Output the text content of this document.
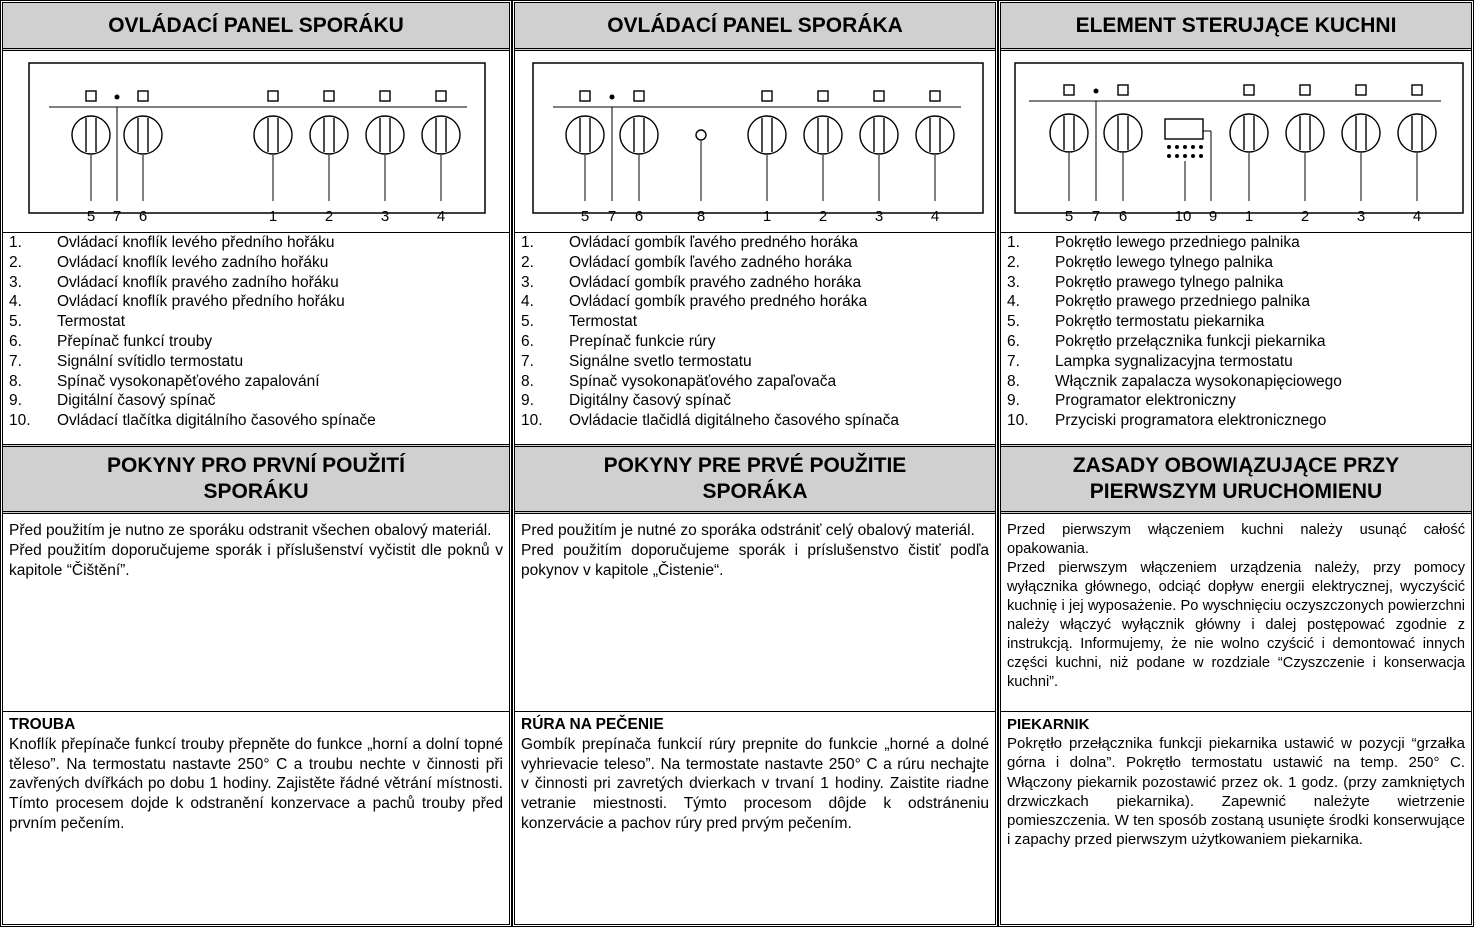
OVLÁDACÍ PANEL SPORÁKU
5 7 6	1	2	3	4
1. Ovládací knoflík levého předního hořáku
2. Ovládací knoflík levého zadního hořáku
3. Ovládací knoflík pravého zadního hořáku
4. Ovládací knoflík pravého předního hořáku
5. Termostat
6. Přepínač funkcí trouby
7. Signální svítidlo termostatu
8. Spínač vysokonapěťového zapalování
9. Digitální časový spínač
10. Ovládací tlačítka digitálního časového spínače
POKYNY PRO PRVNÍ POUŽITÍ SPORÁKU
Před použitím je nutno ze sporáku odstranit všechen obalový materiál.
Před použitím doporučujeme sporák i příslušenství vyčistit dle poknů v kapitole “Čištění”.
TROUBA
Knoflík přepínače funkcí trouby přepněte do funkce „horní a dolní topné těleso”. Na termostatu nastavte 250° C a troubu nechte v činnosti při zavřených dvířkách po dobu 1 hodiny. Zajistěte řádné větrání místnosti. Tímto procesem dojde k odstranění konzervace a pachů trouby před prvním pečením.
OVLÁDACÍ PANEL SPORÁKA
5 7 6	8	1	2	3	4
1. Ovládací gombík ľavého predného horáka
2. Ovládací gombík ľavého zadného horáka
3. Ovládací gombík pravého zadného horáka
4. Ovládací gombík pravého predného horáka
5. Termostat
6. Prepínač funkcie rúry
7. Signálne svetlo termostatu
8. Spínač vysokonapäťového zapaľovača
9. Digitálny časový spínač
10. Ovládacie tlačidlá digitálneho časového spínača
POKYNY PRE PRVÉ POUŽITIE SPORÁKA
Pred použitím je nutné zo sporáka odstrániť celý obalový materiál.
Pred použitím doporučujeme sporák i príslušenstvo čistiť podľa pokynov v kapitole „Čistenie“.
RÚRA NA PEČENIE
Gombík prepínača funkcií rúry prepnite do funkcie „horné a dolné vyhrievacie teleso”. Na termostate nastavte 250° C a rúru nechajte v činnosti pri zavretých dvierkach v trvaní 1 hodiny. Zaistite riadne vetranie miestnosti. Týmto procesom dôjde k odstráneniu konzervácie a pachov rúry pred prvým pečením.
ELEMENT STERUJĄCE KUCHNI
5 7 6	10 9 1	2	3	4
1. Pokrętło lewego przedniego palnika
2. Pokrętło lewego tylnego palnika
3. Pokrętło prawego tylnego palnika
4. Pokrętło prawego przedniego palnika
5. Pokrętło termostatu piekarnika
6. Pokrętło przełącznika funkcji piekarnika
7. Lampka sygnalizacyjna termostatu
8. Włącznik zapalacza wysokonapięciowego
9. Programator elektroniczny
10. Przyciski programatora elektronicznego
ZASADY OBOWIĄZUJĄCE PRZY PIERWSZYM URUCHOMIENU
Przed pierwszym włączeniem kuchni należy usunąć całość opakowania.
Przed pierwszym włączeniem urządzenia należy, przy pomocy wyłącznika głównego, odciąć dopływ energii elektrycznej, wyczyścić kuchnię i jej wyposażenie. Po wyschnięciu oczyszczonych powierzchni należy włączyć wyłącznik główny i dalej postępować zgodnie z instrukcją. Informujemy, że nie wolno czyścić i demontować innych części kuchni, niż podane w rozdziale “Czyszczenie i konserwacja kuchni”.
PIEKARNIK
Pokrętło przełącznika funkcji piekarnika ustawić w pozycji “grzałka górna i dolna”. Pokrętło termostatu ustawić na temp. 250° C. Włączony piekarnik pozostawić przez ok. 1 godz. (przy zamkniętych drzwiczkach piekarnika). Zapewnić należyte wietrzenie pomieszczenia. W ten sposób zostaną usunięte środki konserwujące i zapachy przed pierwszym użytkowaniem piekarnika.
